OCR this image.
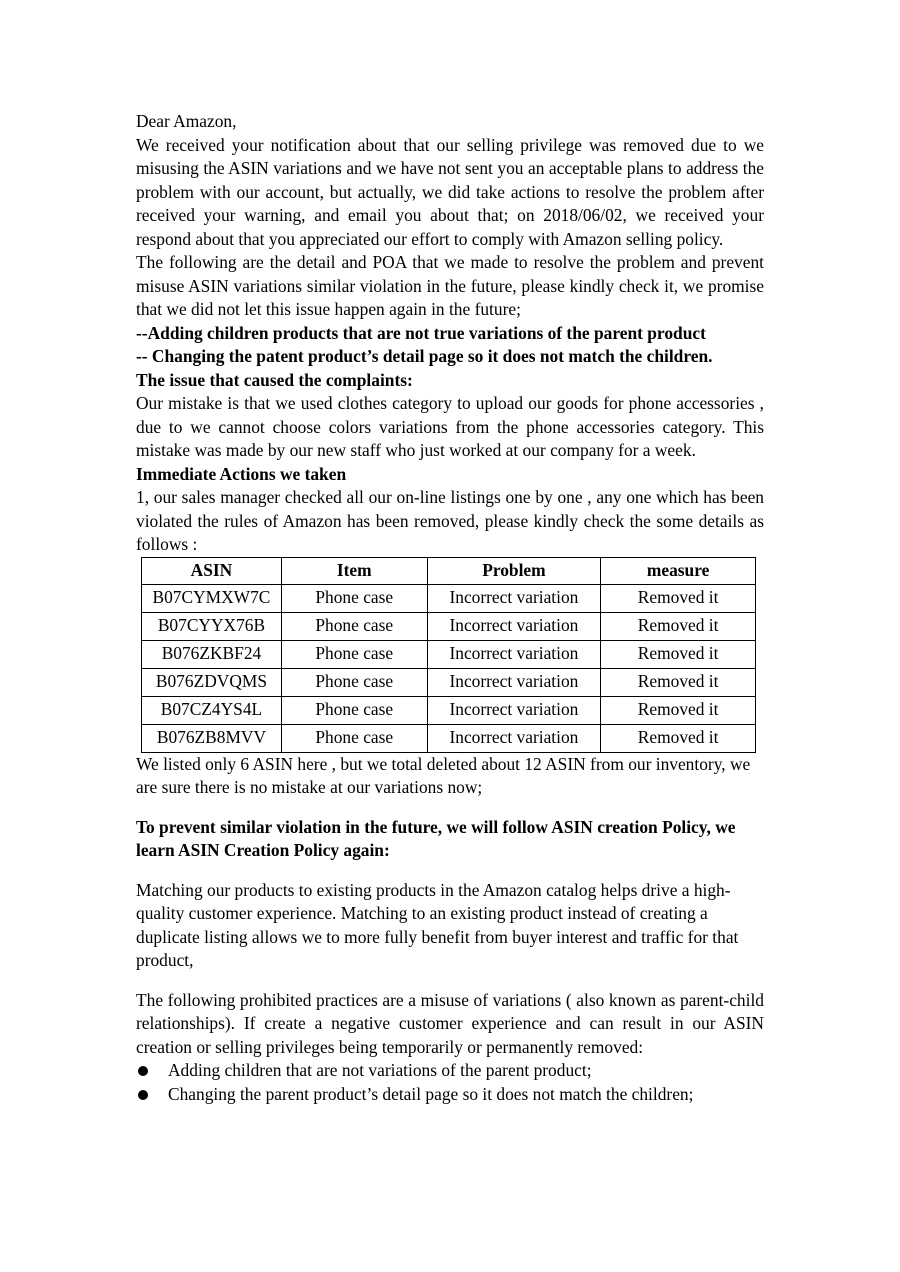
Dear Amazon,

We received your notification about that our selling privilege was removed due to we misusing the ASIN variations and we have not sent you an acceptable plans to address the problem with our account, but actually, we did take actions to resolve the problem after received your warning, and email you about that; on 2018/06/02, we received your respond about that you appreciated our effort to comply with Amazon selling policy.

The following are the detail and POA that we made to resolve the problem and prevent misuse ASIN variations similar violation in the future, please kindly check it, we promise that we did not let this issue happen again in the future;

--Adding children products that are not true variations of the parent product

-- Changing the patent product’s detail page so it does not match the children.

The issue that caused the complaints:

Our mistake is that we used clothes category to upload our goods for phone accessories , due to we cannot choose colors variations from the phone accessories category. This mistake was made by our new staff who just worked at our company for a week.

Immediate Actions we taken

1, our sales manager checked all our on-line listings one by one , any one which has been violated the rules of Amazon has been removed, please kindly check the some details as follows :

ASIN	Item	Problem	measure
B07CYMXW7C	Phone case	Incorrect variation	Removed it
B07CYYX76B	Phone case	Incorrect variation	Removed it
B076ZKBF24	Phone case	Incorrect variation	Removed it
B076ZDVQMS	Phone case	Incorrect variation	Removed it
B07CZ4YS4L	Phone case	Incorrect variation	Removed it
B076ZB8MVV	Phone case	Incorrect variation	Removed it

We listed only 6 ASIN here , but we total deleted about 12 ASIN from our inventory, we are sure there is no mistake at our variations now;

To prevent similar violation in the future, we will follow ASIN creation Policy, we learn ASIN Creation Policy again:

Matching our products to existing products in the Amazon catalog helps drive a high-quality customer experience. Matching to an existing product instead of creating a duplicate listing allows we to more fully benefit from buyer interest and traffic for that product,

The following prohibited practices are a misuse of variations ( also known as parent-child relationships). If create a negative customer experience and can result in our ASIN creation or selling privileges being temporarily or permanently removed:

Adding children that are not variations of the parent product;
Changing the parent product’s detail page so it does not match the children;
